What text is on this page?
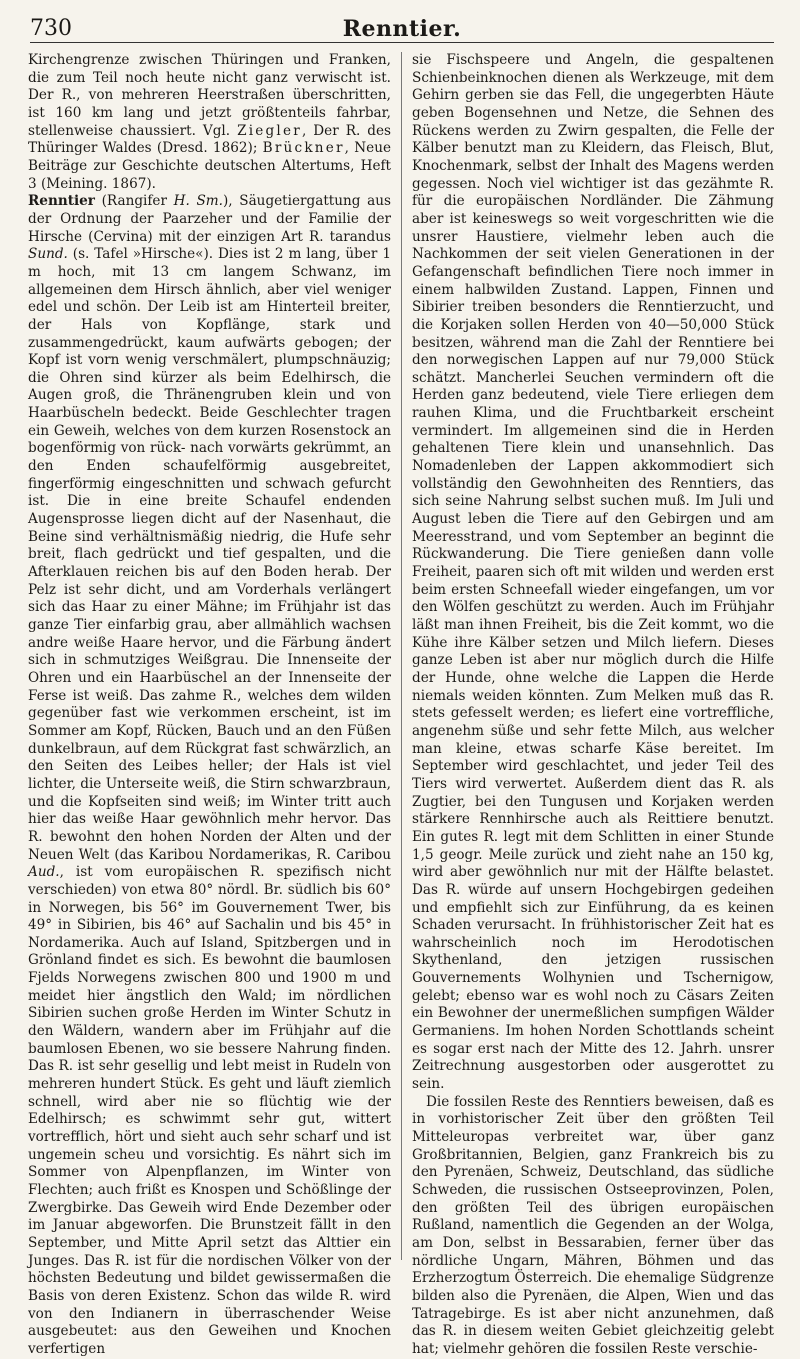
730	Renntier.

Kirchengrenze zwischen Thüringen und Franken, die zum Teil noch heute nicht ganz verwischt ist. Der R., von mehreren Heerstraßen überschritten, ist 160 km lang und jetzt größtenteils fahrbar, stellenweise chaussiert. Vgl. Ziegler, Der R. des Thüringer Waldes (Dresd. 1862); Brückner, Neue Beiträge zur Geschichte deutschen Altertums, Heft 3 (Meining. 1867).

Renntier (Rangifer H. Sm.), Säugetiergattung aus der Ordnung der Paarzeher und der Familie der Hirsche (Cervina) mit der einzigen Art R. tarandus Sund. (s. Tafel »Hirsche«). Dies ist 2 m lang, über 1 m hoch, mit 13 cm langem Schwanz, im allgemeinen dem Hirsch ähnlich, aber viel weniger edel und schön. Der Leib ist am Hinterteil breiter, der Hals von Kopflänge, stark und zusammengedrückt, kaum aufwärts gebogen; der Kopf ist vorn wenig verschmälert, plumpschnäuzig; die Ohren sind kürzer als beim Edelhirsch, die Augen groß, die Thränengruben klein und von Haarbüscheln bedeckt. Beide Geschlechter tragen ein Geweih, welches von dem kurzen Rosenstock an bogenförmig von rück- nach vorwärts gekrümmt, an den Enden schaufelförmig ausgebreitet, fingerförmig eingeschnitten und schwach gefurcht ist. Die in eine breite Schaufel endenden Augensprosse liegen dicht auf der Nasenhaut, die Beine sind verhältnismäßig niedrig, die Hufe sehr breit, flach gedrückt und tief gespalten, und die Afterklauen reichen bis auf den Boden herab. Der Pelz ist sehr dicht, und am Vorderhals verlängert sich das Haar zu einer Mähne; im Frühjahr ist das ganze Tier einfarbig grau, aber allmählich wachsen andre weiße Haare hervor, und die Färbung ändert sich in schmutziges Weißgrau. Die Innenseite der Ohren und ein Haarbüschel an der Innenseite der Ferse ist weiß. Das zahme R., welches dem wilden gegenüber fast wie verkommen erscheint, ist im Sommer am Kopf, Rücken, Bauch und an den Füßen dunkelbraun, auf dem Rückgrat fast schwärzlich, an den Seiten des Leibes heller; der Hals ist viel lichter, die Unterseite weiß, die Stirn schwarzbraun, und die Kopfseiten sind weiß; im Winter tritt auch hier das weiße Haar gewöhnlich mehr hervor. Das R. bewohnt den hohen Norden der Alten und der Neuen Welt (das Karibou Nordamerikas, R. Caribou Aud., ist vom europäischen R. spezifisch nicht verschieden) von etwa 80° nördl. Br. südlich bis 60° in Norwegen, bis 56° im Gouvernement Twer, bis 49° in Sibirien, bis 46° auf Sachalin und bis 45° in Nordamerika. Auch auf Island, Spitzbergen und in Grönland findet es sich. Es bewohnt die baumlosen Fjelds Norwegens zwischen 800 und 1900 m und meidet hier ängstlich den Wald; im nördlichen Sibirien suchen große Herden im Winter Schutz in den Wäldern, wandern aber im Frühjahr auf die baumlosen Ebenen, wo sie bessere Nahrung finden. Das R. ist sehr gesellig und lebt meist in Rudeln von mehreren hundert Stück. Es geht und läuft ziemlich schnell, wird aber nie so flüchtig wie der Edelhirsch; es schwimmt sehr gut, wittert vortrefflich, hört und sieht auch sehr scharf und ist ungemein scheu und vorsichtig. Es nährt sich im Sommer von Alpenpflanzen, im Winter von Flechten; auch frißt es Knospen und Schößlinge der Zwergbirke. Das Geweih wird Ende Dezember oder im Januar abgeworfen. Die Brunstzeit fällt in den September, und Mitte April setzt das Alttier ein Junges. Das R. ist für die nordischen Völker von der höchsten Bedeutung und bildet gewissermaßen die Basis von deren Existenz. Schon das wilde R. wird von den Indianern in überraschender Weise ausgebeutet: aus den Geweihen und Knochen verfertigen

sie Fischspeere und Angeln, die gespaltenen Schienbeinknochen dienen als Werkzeuge, mit dem Gehirn gerben sie das Fell, die ungegerbten Häute geben Bogensehnen und Netze, die Sehnen des Rückens werden zu Zwirn gespalten, die Felle der Kälber benutzt man zu Kleidern, das Fleisch, Blut, Knochenmark, selbst der Inhalt des Magens werden gegessen. Noch viel wichtiger ist das gezähmte R. für die europäischen Nordländer. Die Zähmung aber ist keineswegs so weit vorgeschritten wie die unsrer Haustiere, vielmehr leben auch die Nachkommen der seit vielen Generationen in der Gefangenschaft befindlichen Tiere noch immer in einem halbwilden Zustand. Lappen, Finnen und Sibirier treiben besonders die Renntierzucht, und die Korjaken sollen Herden von 40—50,000 Stück besitzen, während man die Zahl der Renntiere bei den norwegischen Lappen auf nur 79,000 Stück schätzt. Mancherlei Seuchen vermindern oft die Herden ganz bedeutend, viele Tiere erliegen dem rauhen Klima, und die Fruchtbarkeit erscheint vermindert. Im allgemeinen sind die in Herden gehaltenen Tiere klein und unansehnlich. Das Nomadenleben der Lappen akkommodiert sich vollständig den Gewohnheiten des Renntiers, das sich seine Nahrung selbst suchen muß. Im Juli und August leben die Tiere auf den Gebirgen und am Meeresstrand, und vom September an beginnt die Rückwanderung. Die Tiere genießen dann volle Freiheit, paaren sich oft mit wilden und werden erst beim ersten Schneefall wieder eingefangen, um vor den Wölfen geschützt zu werden. Auch im Frühjahr läßt man ihnen Freiheit, bis die Zeit kommt, wo die Kühe ihre Kälber setzen und Milch liefern. Dieses ganze Leben ist aber nur möglich durch die Hilfe der Hunde, ohne welche die Lappen die Herde niemals weiden könnten. Zum Melken muß das R. stets gefesselt werden; es liefert eine vortreffliche, angenehm süße und sehr fette Milch, aus welcher man kleine, etwas scharfe Käse bereitet. Im September wird geschlachtet, und jeder Teil des Tiers wird verwertet. Außerdem dient das R. als Zugtier, bei den Tungusen und Korjaken werden stärkere Rennhirsche auch als Reittiere benutzt. Ein gutes R. legt mit dem Schlitten in einer Stunde 1,5 geogr. Meile zurück und zieht nahe an 150 kg, wird aber gewöhnlich nur mit der Hälfte belastet. Das R. würde auf unsern Hochgebirgen gedeihen und empfiehlt sich zur Einführung, da es keinen Schaden verursacht. In frühhistorischer Zeit hat es wahrscheinlich noch im Herodotischen Skythenland, den jetzigen russischen Gouvernements Wolhynien und Tschernigow, gelebt; ebenso war es wohl noch zu Cäsars Zeiten ein Bewohner der unermeßlichen sumpfigen Wälder Germaniens. Im hohen Norden Schottlands scheint es sogar erst nach der Mitte des 12. Jahrh. unsrer Zeitrechnung ausgestorben oder ausgerottet zu sein.

Die fossilen Reste des Renntiers beweisen, daß es in vorhistorischer Zeit über den größten Teil Mitteleuropas verbreitet war, über ganz Großbritannien, Belgien, ganz Frankreich bis zu den Pyrenäen, Schweiz, Deutschland, das südliche Schweden, die russischen Ostseeprovinzen, Polen, den größten Teil des übrigen europäischen Rußland, namentlich die Gegenden an der Wolga, am Don, selbst in Bessarabien, ferner über das nördliche Ungarn, Mähren, Böhmen und das Erzherzogtum Österreich. Die ehemalige Südgrenze bilden also die Pyrenäen, die Alpen, Wien und das Tatragebirge. Es ist aber nicht anzunehmen, daß das R. in diesem weiten Gebiet gleichzeitig gelebt hat; vielmehr gehören die fossilen Reste verschie-
